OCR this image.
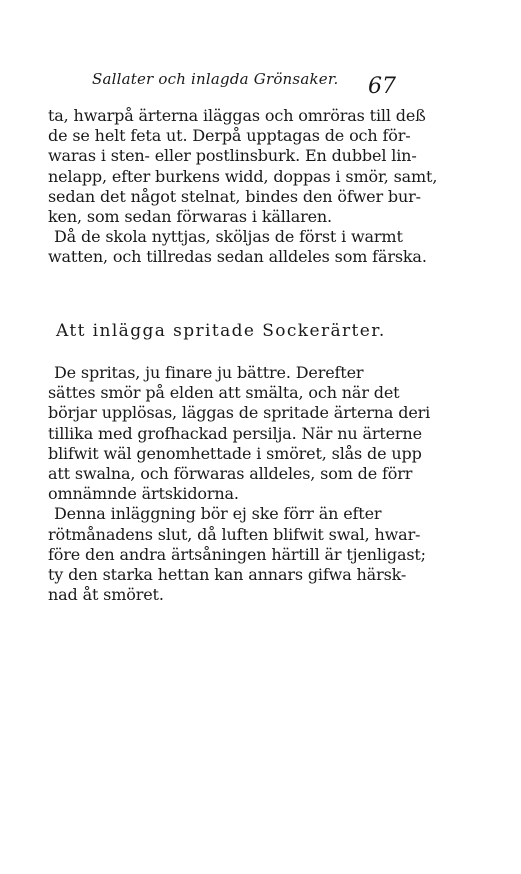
Sallater och inlagda Grönsaker.	67
ta, hwarpå ärterna iläggas och omröras till deß
de se helt feta ut. Derpå upptagas de och för-
waras i sten- eller postlinsburk. En dubbel lin-
nelapp, efter burkens widd, doppas i smör, samt,
sedan det något stelnat, bindes den öfwer bur-
ken, som sedan förwaras i källaren.
Då de skola nyttjas, sköljas de först i warmt
watten, och tillredas sedan alldeles som färska.
Att inlägga spritade Sockerärter.
De spritas, ju finare ju bättre. Derefter
sättes smör på elden att smälta, och när det
börjar upplösas, läggas de spritade ärterna deri
tillika med grofhackad persilja. När nu ärterne
blifwit wäl genomhettade i smöret, slås de upp
att swalna, och förwaras alldeles, som de förr
omnämnde ärtskidorna.
Denna inläggning bör ej ske förr än efter
rötmånadens slut, då luften blifwit swal, hwar-
före den andra ärtsåningen härtill är tjenligast;
ty den starka hettan kan annars gifwa härsk-
nad åt smöret.
